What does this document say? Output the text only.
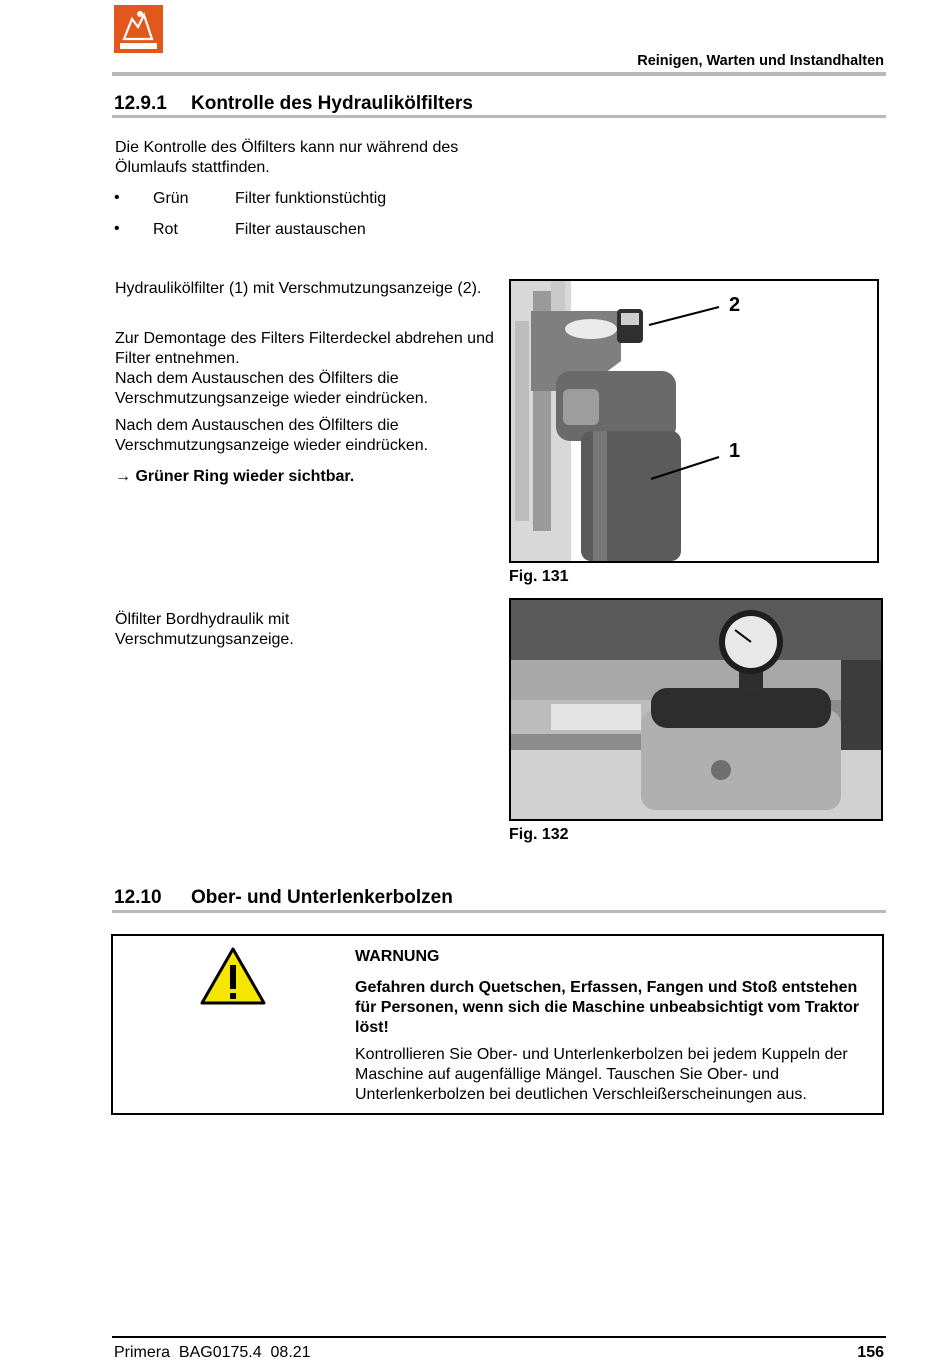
Reinigen, Warten und Instandhalten
12.9.1 Kontrolle des Hydraulikölfilters
Die Kontrolle des Ölfilters kann nur während des Ölumlaufs stattfinden.
• Grün	Filter funktionstüchtig
• Rot	Filter austauschen
Hydraulikölfilter (1) mit Verschmutzungsanzeige (2).
Zur Demontage des Filters Filterdeckel abdrehen und Filter entnehmen.
Nach dem Austauschen des Ölfilters die Verschmutzungsanzeige wieder eindrücken.
Nach dem Austauschen des Ölfilters die Verschmutzungsanzeige wieder eindrücken.
→ Grüner Ring wieder sichtbar.
Ölfilter Bordhydraulik mit Verschmutzungsanzeige.
2
1
Fig. 131
Fig. 132
12.10 Ober- und Unterlenkerbolzen
WARNUNG
Gefahren durch Quetschen, Erfassen, Fangen und Stoß entstehen für Personen, wenn sich die Maschine unbeabsichtigt vom Traktor löst!
Kontrollieren Sie Ober- und Unterlenkerbolzen bei jedem Kuppeln der Maschine auf augenfällige Mängel. Tauschen Sie Ober- und Unterlenkerbolzen bei deutlichen Verschleißerscheinungen aus.
Primera  BAG0175.4  08.21	156
